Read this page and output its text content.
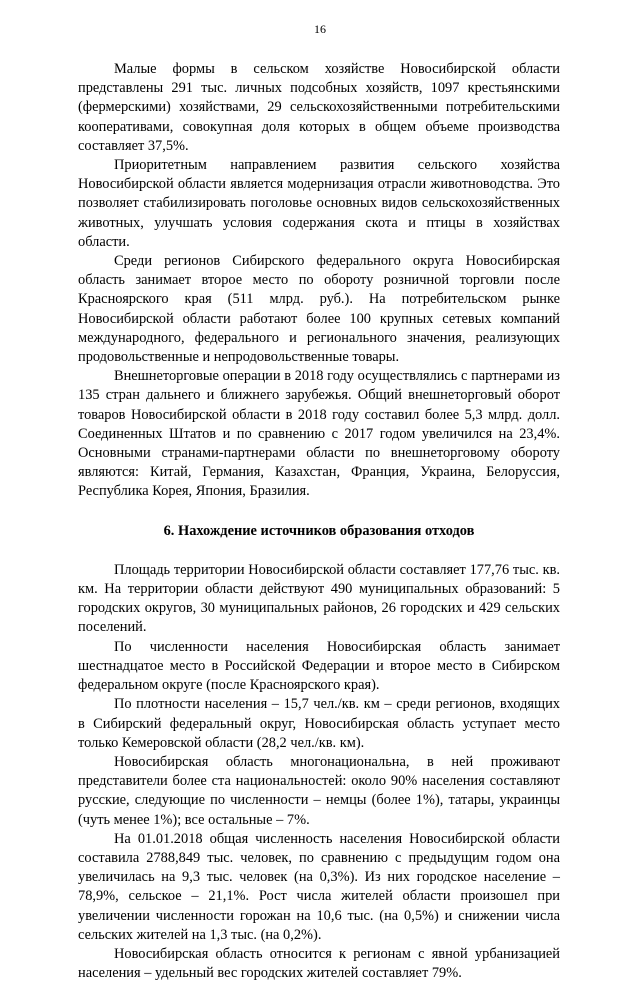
16

Малые формы в сельском хозяйстве Новосибирской области представлены 291 тыс. личных подсобных хозяйств, 1097 крестьянскими (фермерскими) хозяйствами, 29 сельскохозяйственными потребительскими кооперативами, совокупная доля которых в общем объеме производства составляет 37,5%.

Приоритетным направлением развития сельского хозяйства Новосибирской области является модернизация отрасли животноводства. Это позволяет стабилизировать поголовье основных видов сельскохозяйственных животных, улучшать условия содержания скота и птицы в хозяйствах области.

Среди регионов Сибирского федерального округа Новосибирская область занимает второе место по обороту розничной торговли после Красноярского края (511 млрд. руб.). На потребительском рынке Новосибирской области работают более 100 крупных сетевых компаний международного, федерального и регионального значения, реализующих продовольственные и непродовольственные товары.

Внешнеторговые операции в 2018 году осуществлялись с партнерами из 135 стран дальнего и ближнего зарубежья. Общий внешнеторговый оборот товаров Новосибирской области в 2018 году составил более 5,3 млрд. долл. Соединенных Штатов и по сравнению с 2017 годом увеличился на 23,4%. Основными странами-партнерами области по внешнеторговому обороту являются: Китай, Германия, Казахстан, Франция, Украина, Белоруссия, Республика Корея, Япония, Бразилия.

6. Нахождение источников образования отходов

Площадь территории Новосибирской области составляет 177,76 тыс. кв. км. На территории области действуют 490 муниципальных образований: 5 городских округов, 30 муниципальных районов, 26 городских и 429 сельских поселений.

По численности населения Новосибирская область занимает шестнадцатое место в Российской Федерации и второе место в Сибирском федеральном округе (после Красноярского края).

По плотности населения – 15,7 чел./кв. км – среди регионов, входящих в Сибирский федеральный округ, Новосибирская область уступает место только Кемеровской области (28,2 чел./кв. км).

Новосибирская область многонациональна, в ней проживают представители более ста национальностей: около 90% населения составляют русские, следующие по численности – немцы (более 1%), татары, украинцы (чуть менее 1%); все остальные – 7%.

На 01.01.2018 общая численность населения Новосибирской области составила 2788,849 тыс. человек, по сравнению с предыдущим годом она увеличилась на 9,3 тыс. человек (на 0,3%). Из них городское население – 78,9%, сельское – 21,1%. Рост числа жителей области произошел при увеличении численности горожан на 10,6 тыс. (на 0,5%) и снижении числа сельских жителей на 1,3 тыс. (на 0,2%).

Новосибирская область относится к регионам с явной урбанизацией населения – удельный вес городских жителей составляет 79%.
